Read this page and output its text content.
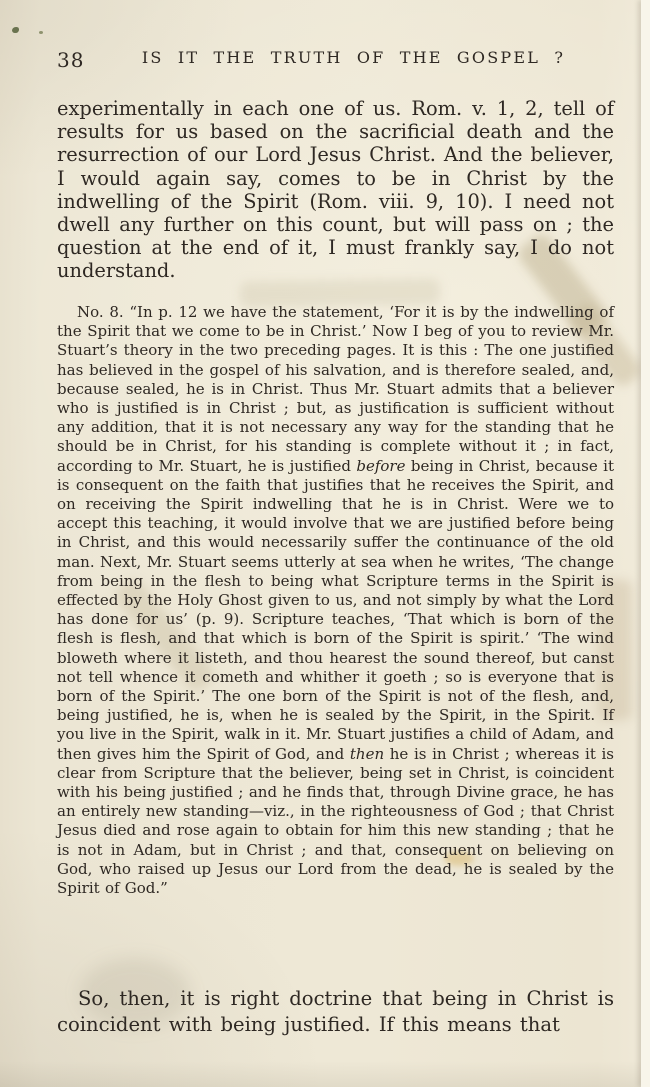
38	IS IT THE TRUTH OF THE GOSPEL ?

experimentally in each one of us. Rom. v. 1, 2, tell of results for us based on the sacrificial death and the resurrection of our Lord Jesus Christ. And the believer, I would again say, comes to be in Christ by the indwelling of the Spirit (Rom. viii. 9, 10). I need not dwell any further on this count, but will pass on ; the question at the end of it, I must frankly say, I do not understand.

No. 8. “In p. 12 we have the statement, ‘For it is by the indwelling of the Spirit that we come to be in Christ.’ Now I beg of you to review Mr. Stuart’s theory in the two preceding pages. It is this : The one justified has believed in the gospel of his salvation, and is therefore sealed, and, because sealed, he is in Christ. Thus Mr. Stuart admits that a believer who is justified is in Christ ; but, as justification is sufficient without any addition, that it is not necessary any way for the standing that he should be in Christ, for his standing is complete without it ; in fact, according to Mr. Stuart, he is justified before being in Christ, because it is consequent on the faith that justifies that he receives the Spirit, and on receiving the Spirit indwelling that he is in Christ. Were we to accept this teaching, it would involve that we are justified before being in Christ, and this would necessarily suffer the continuance of the old man. Next, Mr. Stuart seems utterly at sea when he writes, ‘The change from being in the flesh to being what Scripture terms in the Spirit is effected by the Holy Ghost given to us, and not simply by what the Lord has done for us’ (p. 9). Scripture teaches, ‘That which is born of the flesh is flesh, and that which is born of the Spirit is spirit.’ ‘The wind bloweth where it listeth, and thou hearest the sound thereof, but canst not tell whence it cometh and whither it goeth ; so is everyone that is born of the Spirit.’ The one born of the Spirit is not of the flesh, and, being justified, he is, when he is sealed by the Spirit, in the Spirit. If you live in the Spirit, walk in it. Mr. Stuart justifies a child of Adam, and then gives him the Spirit of God, and then he is in Christ ; whereas it is clear from Scripture that the believer, being set in Christ, is coincident with his being justified ; and he finds that, through Divine grace, he has an entirely new standing—viz., in the righteousness of God ; that Christ Jesus died and rose again to obtain for him this new standing ; that he is not in Adam, but in Christ ; and that, consequent on believing on God, who raised up Jesus our Lord from the dead, he is sealed by the Spirit of God.”

So, then, it is right doctrine that being in Christ is coincident with being justified. If this means that
